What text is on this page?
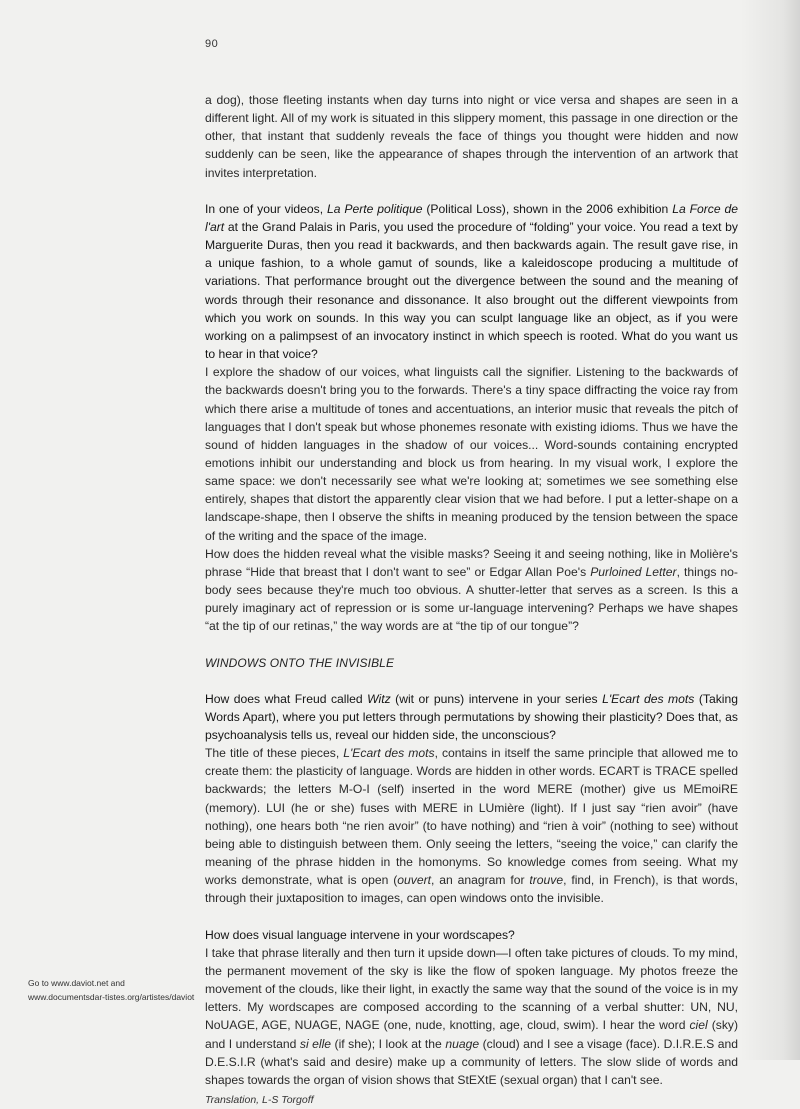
90

a dog), those fleeting instants when day turns into night or vice versa and shapes are seen in a different light. All of my work is situated in this slippery moment, this passage in one direction or the other, that instant that suddenly reveals the face of things you thought were hidden and now suddenly can be seen, like the appearance of shapes through the intervention of an artwork that invites interpretation.

In one of your videos, La Perte politique (Political Loss), shown in the 2006 exhibition La Force de l'art at the Grand Palais in Paris, you used the procedure of “folding” your voice. You read a text by Marguerite Duras, then you read it backwards, and then backwards again. The result gave rise, in a unique fashion, to a whole gamut of sounds, like a kaleidoscope producing a multitude of variations. That performance brought out the divergence between the sound and the meaning of words through their resonance and dissonance. It also brought out the different viewpoints from which you work on sounds. In this way you can sculpt language like an object, as if you were working on a palimpsest of an invocatory instinct in which speech is rooted. What do you want us to hear in that voice?

I explore the shadow of our voices, what linguists call the signifier. Listening to the backwards of the backwards doesn't bring you to the forwards. There's a tiny space diffracting the voice ray from which there arise a multitude of tones and accentuations, an interior music that reveals the pitch of languages that I don't speak but whose phonemes resonate with existing idioms. Thus we have the sound of hidden languages in the shadow of our voices... Word-sounds containing encrypted emotions inhibit our understanding and block us from hearing. In my visual work, I explore the same space: we don't necessarily see what we're looking at; sometimes we see something else entirely, shapes that distort the apparently clear vision that we had before. I put a letter-shape on a landscape-shape, then I observe the shifts in meaning produced by the tension between the space of the writing and the space of the image.

How does the hidden reveal what the visible masks? Seeing it and seeing nothing, like in Molière's phrase “Hide that breast that I don't want to see” or Edgar Allan Poe's Purloined Letter, things no-body sees because they're much too obvious. A shutter-letter that serves as a screen. Is this a purely imaginary act of repression or is some ur-language intervening? Perhaps we have shapes “at the tip of our retinas,” the way words are at “the tip of our tongue”?

WINDOWS ONTO THE INVISIBLE

How does what Freud called Witz (wit or puns) intervene in your series L'Ecart des mots (Taking Words Apart), where you put letters through permutations by showing their plasticity? Does that, as psychoanalysis tells us, reveal our hidden side, the unconscious?

The title of these pieces, L'Ecart des mots, contains in itself the same principle that allowed me to create them: the plasticity of language. Words are hidden in other words. ECART is TRACE spelled backwards; the letters M-O-I (self) inserted in the word MERE (mother) give us MEmoiRE (memory). LUI (he or she) fuses with MERE in LUmière (light). If I just say “rien avoir” (have nothing), one hears both “ne rien avoir” (to have nothing) and “rien à voir” (nothing to see) without being able to distinguish between them. Only seeing the letters, “seeing the voice,” can clarify the meaning of the phrase hidden in the homonyms. So knowledge comes from seeing. What my works demonstrate, what is open (ouvert, an anagram for trouve, find, in French), is that words, through their juxtaposition to images, can open windows onto the invisible.

How does visual language intervene in your wordscapes?

I take that phrase literally and then turn it upside down—I often take pictures of clouds. To my mind, the permanent movement of the sky is like the flow of spoken language. My photos freeze the movement of the clouds, like their light, in exactly the same way that the sound of the voice is in my letters. My wordscapes are composed according to the scanning of a verbal shutter: UN, NU, NoUAGE, AGE, NUAGE, NAGE (one, nude, knotting, age, cloud, swim). I hear the word ciel (sky) and I understand si elle (if she); I look at the nuage (cloud) and I see a visage (face). D.I.R.E.S and D.E.S.I.R (what's said and desire) make up a community of letters. The slow slide of words and shapes towards the organ of vision shows that StEXtE (sexual organ) that I can't see.

Translation, L-S Torgoff
Go to www.daviot.net and www.documentsdar-tistes.org/artistes/daviot
